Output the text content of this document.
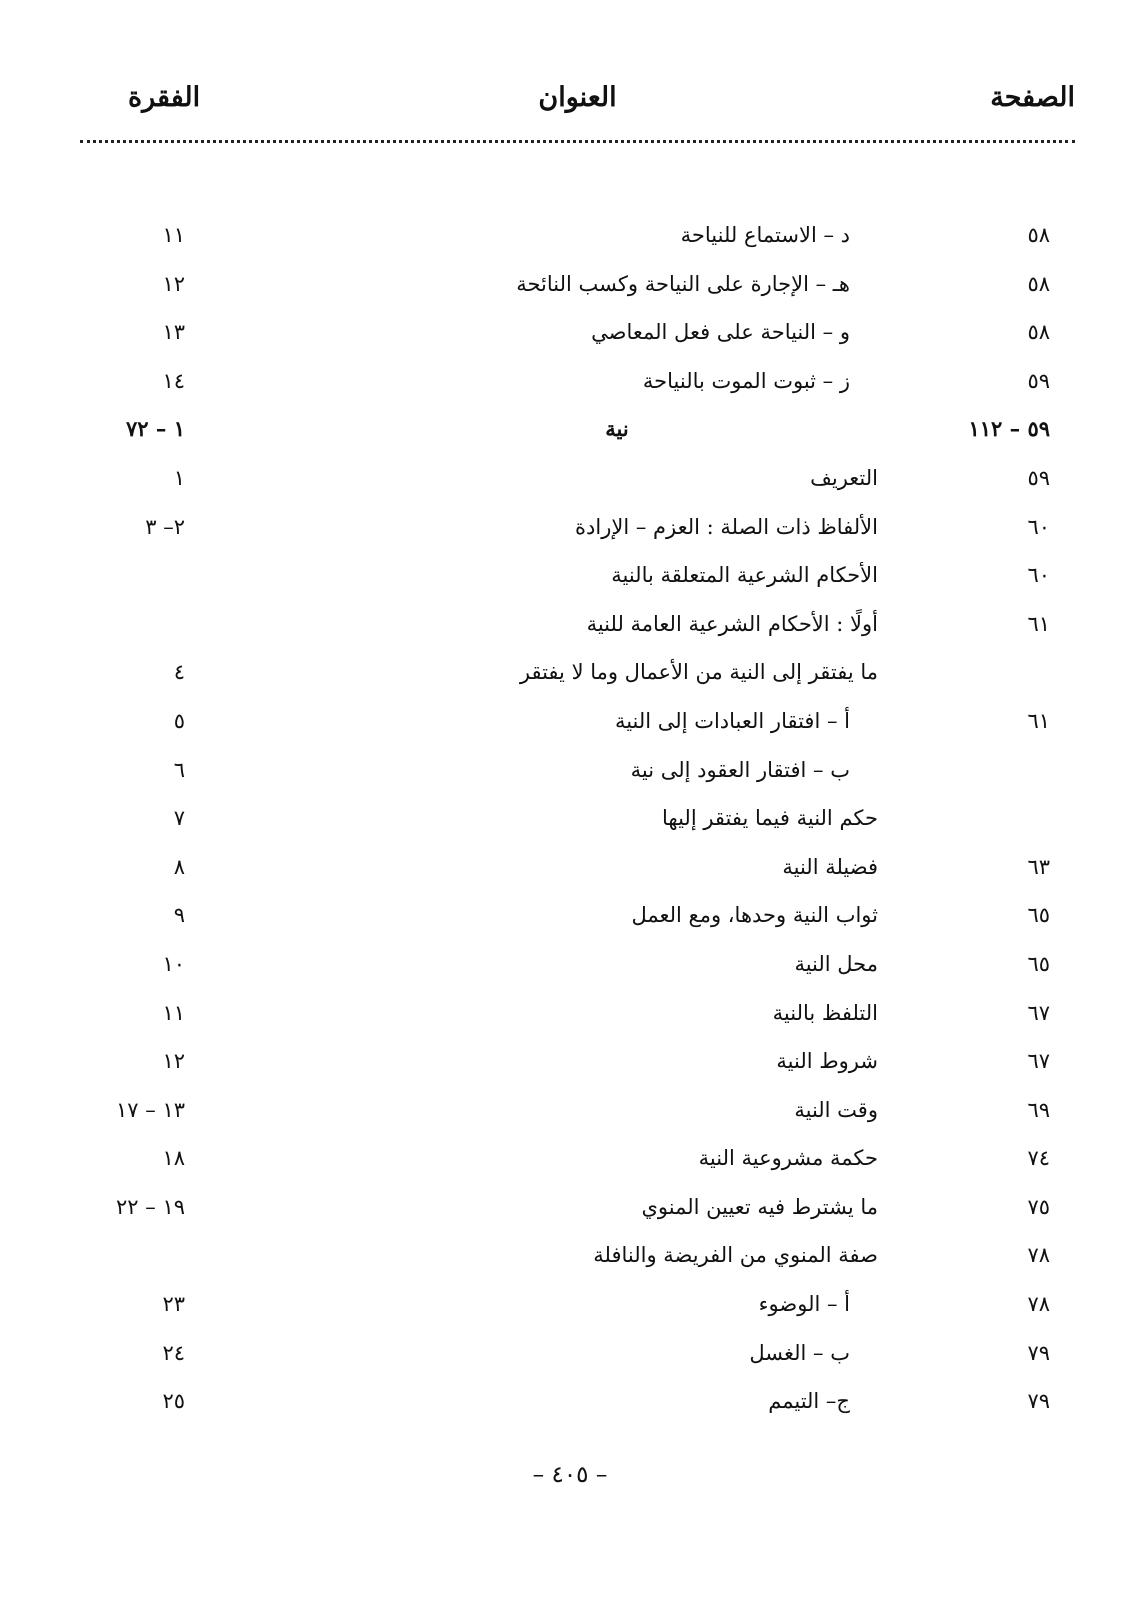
الصفحة
العنوان
الفقرة
٥٨
د – الاستماع للنياحة
١١
٥٨
هـ – الإجارة على النياحة وكسب النائحة
١٢
٥٨
و – النياحة على فعل المعاصي
١٣
٥٩
ز – ثبوت الموت بالنياحة
١٤
٥٩ – ١١٢
نية
١ – ٧٢
٥٩
التعريف
١
٦٠
الألفاظ ذات الصلة : العزم – الإرادة
٢– ٣
٦٠
الأحكام الشرعية المتعلقة بالنية
٦١
أولًا : الأحكام الشرعية العامة للنية
ما يفتقر إلى النية من الأعمال وما لا يفتقر
٤
٦١
أ – افتقار العبادات إلى النية
٥
ب – افتقار العقود إلى نية
٦
حكم النية فيما يفتقر إليها
٧
٦٣
فضيلة النية
٨
٦٥
ثواب النية وحدها، ومع العمل
٩
٦٥
محل النية
١٠
٦٧
التلفظ بالنية
١١
٦٧
شروط النية
١٢
٦٩
وقت النية
١٣ – ١٧
٧٤
حكمة مشروعية النية
١٨
٧٥
ما يشترط فيه تعيين المنوي
١٩ – ٢٢
٧٨
صفة المنوي من الفريضة والنافلة
٧٨
أ – الوضوء
٢٣
٧٩
ب – الغسل
٢٤
٧٩
ج– التيمم
٢٥
– ٤٠٥ –
